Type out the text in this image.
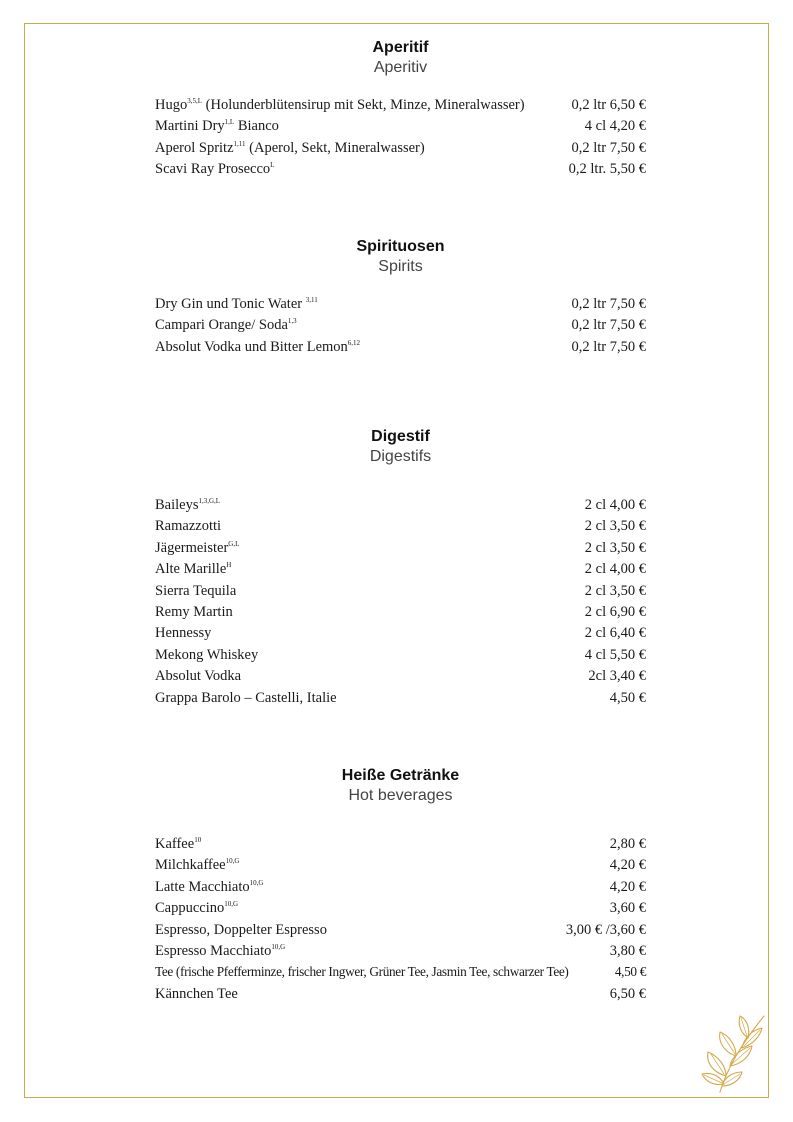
Aperitif
Aperitiv
Hugo$^{3,5,L}$ (Holunderblütensirup mit Sekt, Minze, Mineralwasser)	0,2 ltr 6,50 €
Martini Dry$^{1,L}$ Bianco	4 cl 4,20 €
Aperol Spritz$^{1,11}$ (Aperol, Sekt, Mineralwasser)	0,2 ltr 7,50 €
Scavi Ray Prosecco$^L$	0,2 ltr. 5,50 €
Spirituosen
Spirits
Dry Gin und Tonic Water $^{3,11}$	0,2 ltr 7,50 €
Campari Orange/ Soda$^{1,3}$	0,2 ltr 7,50 €
Absolut Vodka und Bitter Lemon$^{6,12}$	0,2 ltr 7,50 €
Digestif
Digestifs
Baileys$^{1,3,G,L}$	2 cl 4,00 €
Ramazzotti	2 cl 3,50 €
Jägermeister$^{G,L}$	2 cl 3,50 €
Alte Marille$^H$	2 cl 4,00 €
Sierra Tequila	2 cl 3,50 €
Remy Martin	2 cl 6,90 €
Hennessy	2 cl 6,40 €
Mekong Whiskey	4 cl 5,50 €
Absolut Vodka	2cl 3,40 €
Grappa Barolo – Castelli, Italie	4,50 €
Heiße Getränke
Hot beverages
Kaffee$^{10}$	2,80 €
Milchkaffee$^{10,G}$	4,20 €
Latte Macchiato$^{10,G}$	4,20 €
Cappuccino$^{10,G}$	3,60 €
Espresso, Doppelter Espresso	3,00 € /3,60 €
Espresso Macchiato$^{10,G}$	3,80 €
Tee (frische Pfefferminze, frischer Ingwer, Grüner Tee, Jasmin Tee, schwarzer Tee)	4,50 €
Kännchen Tee	6,50 €
